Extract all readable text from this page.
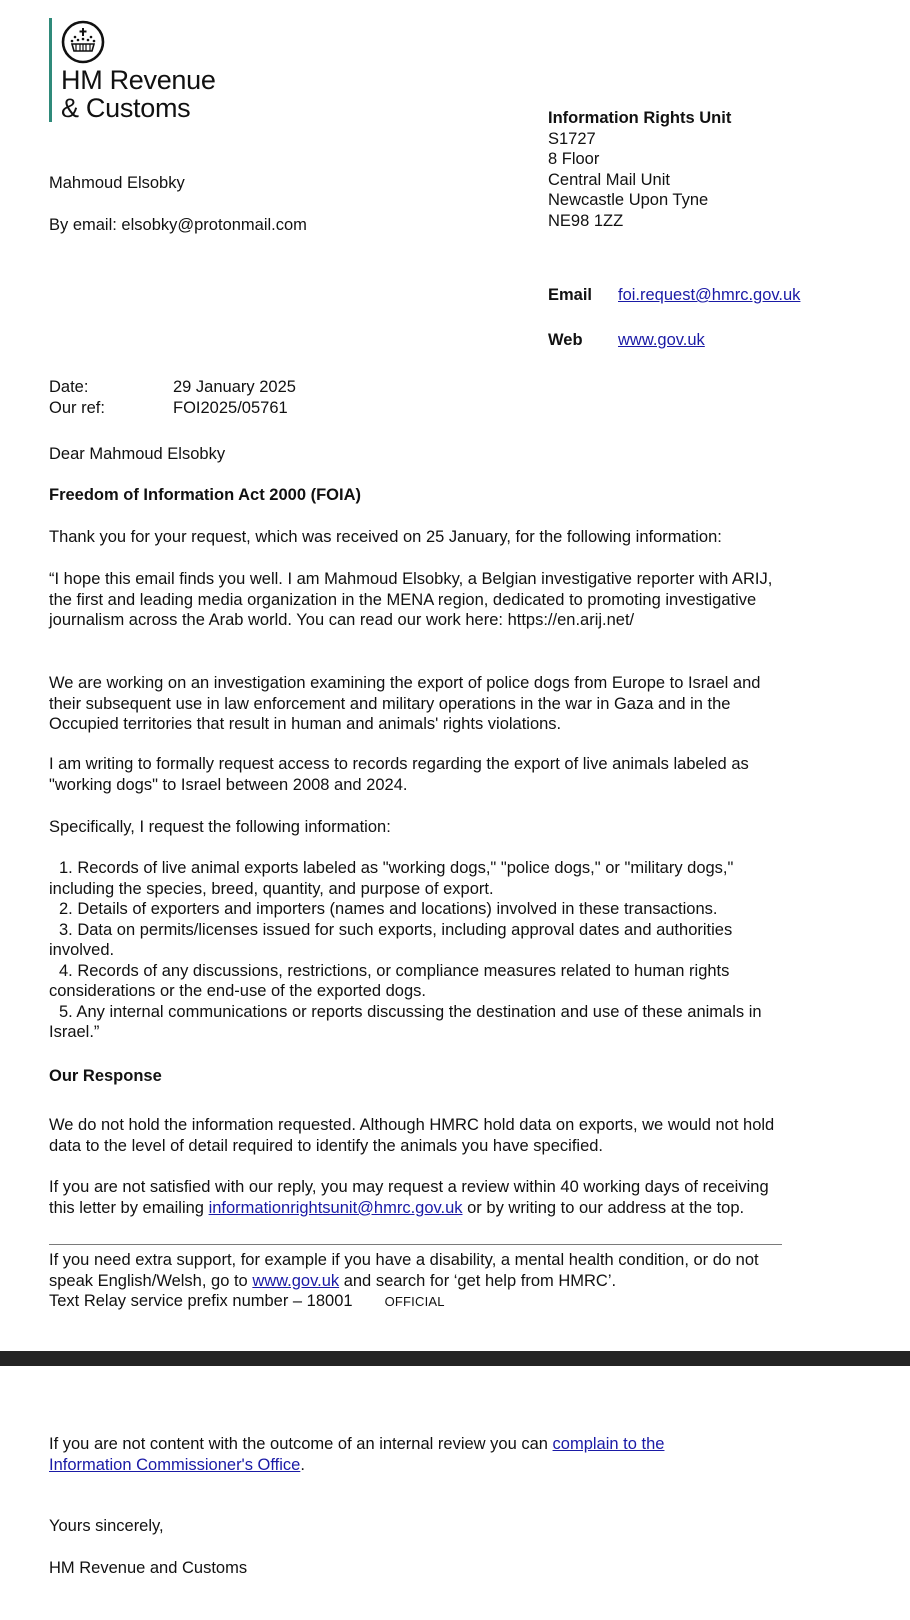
HM Revenue
& Customs	Information Rights Unit
S1727
8 Floor
Central Mail Unit
Newcastle Upon Tyne
NE98 1ZZ
Email foi.request@hmrc.gov.uk
Web www.gov.uk
Mahmoud Elsobky
By email: elsobky@protonmail.com
Date:	29 January 2025
Our ref:	FOI2025/05761
Dear Mahmoud Elsobky
Freedom of Information Act 2000 (FOIA)
Thank you for your request, which was received on 25 January, for the following information:
“I hope this email finds you well. I am Mahmoud Elsobky, a Belgian investigative reporter with ARIJ, the first and leading media organization in the MENA region, dedicated to promoting investigative journalism across the Arab world. You can read our work here: https://en.arij.net/
We are working on an investigation examining the export of police dogs from Europe to Israel and their subsequent use in law enforcement and military operations in the war in Gaza and in the Occupied territories that result in human and animals' rights violations.
I am writing to formally request access to records regarding the export of live animals labeled as "working dogs" to Israel between 2008 and 2024.
Specifically, I request the following information:
1. Records of live animal exports labeled as "working dogs," "police dogs," or "military dogs," including the species, breed, quantity, and purpose of export.
2. Details of exporters and importers (names and locations) involved in these transactions.
3. Data on permits/licenses issued for such exports, including approval dates and authorities involved.
4. Records of any discussions, restrictions, or compliance measures related to human rights considerations or the end-use of the exported dogs.
5. Any internal communications or reports discussing the destination and use of these animals in Israel.”
Our Response
We do not hold the information requested. Although HMRC hold data on exports, we would not hold data to the level of detail required to identify the animals you have specified.
If you are not satisfied with our reply, you may request a review within 40 working days of receiving this letter by emailing informationrightsunit@hmrc.gov.uk or by writing to our address at the top.
If you need extra support, for example if you have a disability, a mental health condition, or do not speak English/Welsh, go to www.gov.uk and search for ‘get help from HMRC’.
Text Relay service prefix number – 18001 OFFICIAL
If you are not content with the outcome of an internal review you can complain to the Information Commissioner's Office.
Yours sincerely,
HM Revenue and Customs
